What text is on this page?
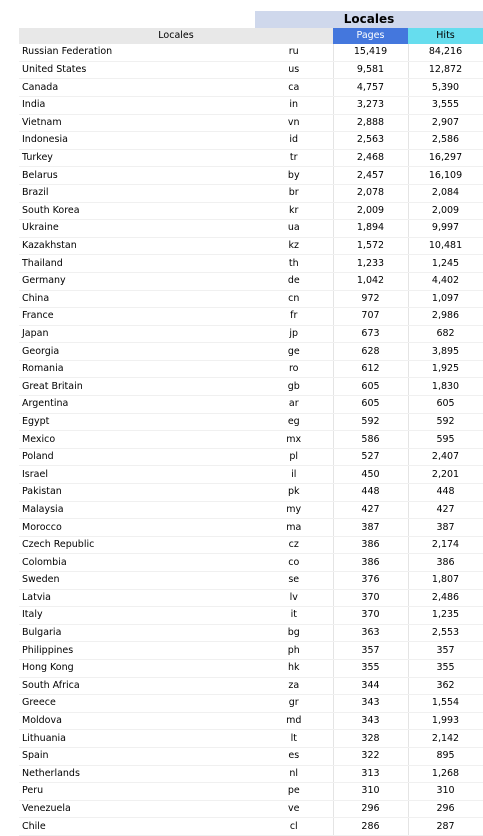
	Locales			
Locales		Pages	Hits	
Russian Federation	ru	15,419	84,216	
United States	us	9,581	12,872	
Canada	ca	4,757	5,390	
India	in	3,273	3,555	
Vietnam	vn	2,888	2,907	
Indonesia	id	2,563	2,586	
Turkey	tr	2,468	16,297	
Belarus	by	2,457	16,109	
Brazil	br	2,078	2,084	
South Korea	kr	2,009	2,009	
Ukraine	ua	1,894	9,997	
Kazakhstan	kz	1,572	10,481	
Thailand	th	1,233	1,245	
Germany	de	1,042	4,402	
China	cn	972	1,097	
France	fr	707	2,986	
Japan	jp	673	682	
Georgia	ge	628	3,895	
Romania	ro	612	1,925	
Great Britain	gb	605	1,830	
Argentina	ar	605	605	
Egypt	eg	592	592	
Mexico	mx	586	595	
Poland	pl	527	2,407	
Israel	il	450	2,201	
Pakistan	pk	448	448	
Malaysia	my	427	427	
Morocco	ma	387	387	
Czech Republic	cz	386	2,174	
Colombia	co	386	386	
Sweden	se	376	1,807	
Latvia	lv	370	2,486	
Italy	it	370	1,235	
Bulgaria	bg	363	2,553	
Philippines	ph	357	357	
Hong Kong	hk	355	355	
South Africa	za	344	362	
Greece	gr	343	1,554	
Moldova	md	343	1,993	
Lithuania	lt	328	2,142	
Spain	es	322	895	
Netherlands	nl	313	1,268	
Peru	pe	310	310	
Venezuela	ve	296	296	
Chile	cl	286	287	
